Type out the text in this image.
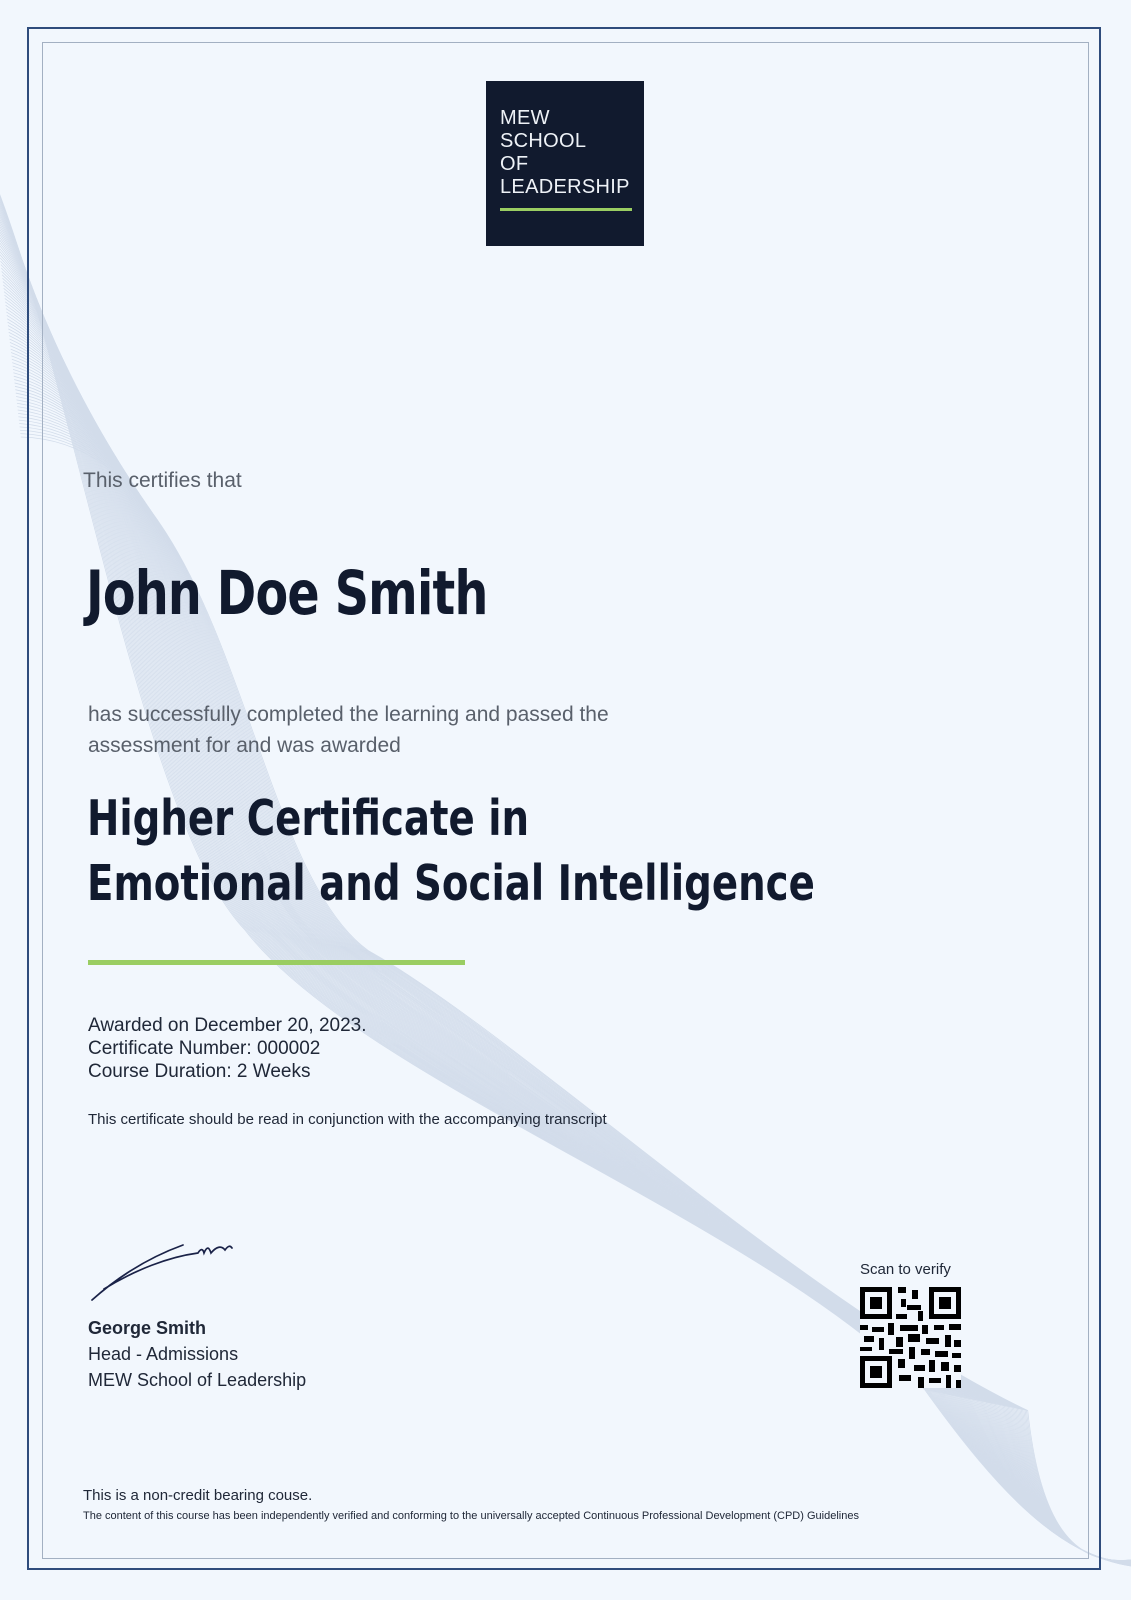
MEW
SCHOOL
OF
LEADERSHIP
This certifies that
John Doe Smith
has successfully completed the learning and passed the assessment for and was awarded
Higher Certificate in
Emotional and Social Intelligence
Awarded on December 20, 2023.
Certificate Number: 000002
Course Duration: 2 Weeks
This certificate should be read in conjunction with the accompanying transcript
George Smith
Head - Admissions
MEW School of Leadership
Scan to verify
This is a non-credit bearing couse.
The content of this course has been independently verified and conforming to the universally accepted Continuous Professional Development (CPD) Guidelines
